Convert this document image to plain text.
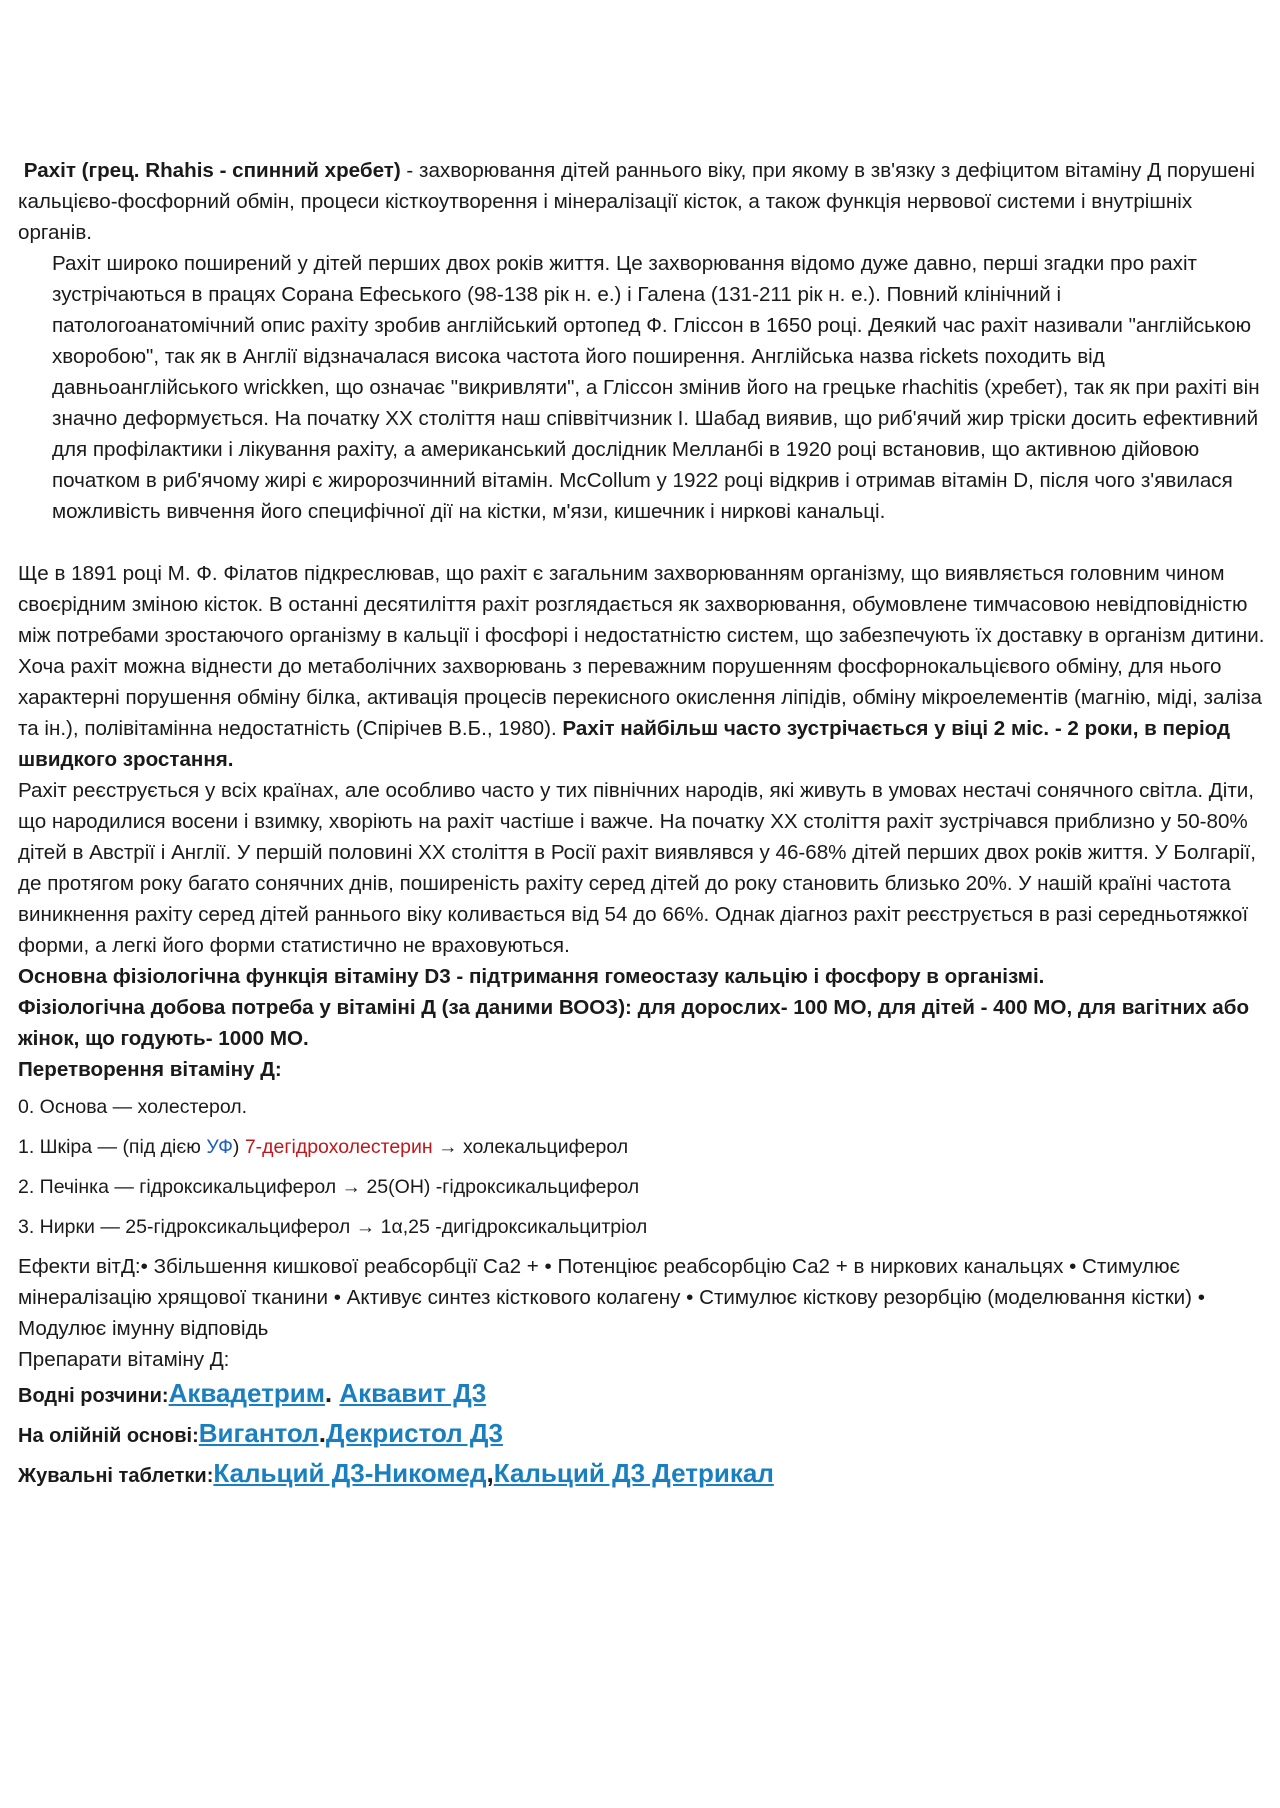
Рахіт (грец. Rhahis - спинний хребет) - захворювання дітей раннього віку, при якому в зв'язку з дефіцитом вітаміну Д порушені кальцієво-фосфорний обмін, процеси кісткоутворення і мінералізації кісток, а також функція нервової системи і внутрішніх органів.

Рахіт широко поширений у дітей перших двох років життя. Це захворювання відомо дуже давно, перші згадки про рахіт зустрічаються в працях Сорана Ефеського (98-138 рік н. е.) і Галена (131-211 рік н. е.). Повний клінічний і патологоанатомічний опис рахіту зробив англійський ортопед Ф. Гліссон в 1650 році. Деякий час рахіт називали "англійською хворобою", так як в Англії відзначалася висока частота його поширення. Англійська назва rickets походить від давньоанглійського wrickken, що означає "викривляти", а Гліссон змінив його на грецьке rhachitis (хребет), так як при рахіті він значно деформується. На початку XX століття наш співвітчизник І. Шабад виявив, що риб'ячий жир тріски досить ефективний для профілактики і лікування рахіту, а американський дослідник Мелланбі в 1920 році встановив, що активною дійовою початком в риб'ячому жирі є жиророзчинний вітамін. McCollum у 1922 році відкрив і отримав вітамін D, після чого з'явилася можливість вивчення його специфічної дії на кістки, м'язи, кишечник і ниркові канальці.

Ще в 1891 році М. Ф. Філатов підкреслював, що рахіт є загальним захворюванням організму, що виявляється головним чином своєрідним зміною кісток. В останні десятиліття рахіт розглядається як захворювання, обумовлене тимчасовою невідповідністю між потребами зростаючого організму в кальції і фосфорі і недостатністю систем, що забезпечують їх доставку в організм дитини. Хоча рахіт можна віднести до метаболічних захворювань з переважним порушенням фосфорнокальцієвого обміну, для нього характерні порушення обміну білка, активація процесів перекисного окислення ліпідів, обміну мікроелементів (магнію, міді, заліза та ін.), полівітамінна недостатність (Спірічев В.Б., 1980). Рахіт найбільш часто зустрічається у віці 2 міс. - 2 роки, в період швидкого зростання.

Рахіт реєструється у всіх країнах, але особливо часто у тих північних народів, які живуть в умовах нестачі сонячного світла. Діти, що народилися восени і взимку, хворіють на рахіт частіше і важче. На початку XX століття рахіт зустрічався приблизно у 50-80% дітей в Австрії і Англії. У першій половині XX століття в Росії рахіт виявлявся у 46-68% дітей перших двох років життя. У Болгарії, де протягом року багато сонячних днів, поширеність рахіту серед дітей до року становить близько 20%. У нашій країні частота виникнення рахіту серед дітей раннього віку коливається від 54 до 66%. Однак діагноз рахіт реєструється в разі середньотяжкої форми, а легкі його форми статистично не враховуються.

Основна фізіологічна функція вітаміну D3 - підтримання гомеостазу кальцію і фосфору в організмі.

Фізіологічна добова потреба у вітаміні Д (за даними ВООЗ): для дорослих- 100 МО, для дітей - 400 МО, для вагітних або жінок, що годують- 1000 МО.

Перетворення вітаміну Д:

0. Основа — холестерол.

1. Шкіра — (під дією УФ) 7-дегідрохолестерин → холекальциферол

2. Печінка — гідроксикальциферол → 25(OH) -гідроксикальциферол

3. Нирки — 25-гідроксикальциферол → 1α,25 -дигідроксикальцитріол

Ефекти вітД:• Збільшення кишкової реабсорбції Са2 + • Потенціює реабсорбцію Са2 + в ниркових канальцях • Стимулює мінералізацію хрящової тканини • Активує синтез кісткового колагену • Стимулює кісткову резорбцію (моделювання кістки) • Модулює імунну відповідь

Препарати вітаміну Д:

Водні розчини:Аквадетрим. Аквавит Д3

На олійній основі:Вигантол.Декристол Д3

Жувальні таблетки:Кальций Д3-Никомед,Кальций Д3 Детрикал
